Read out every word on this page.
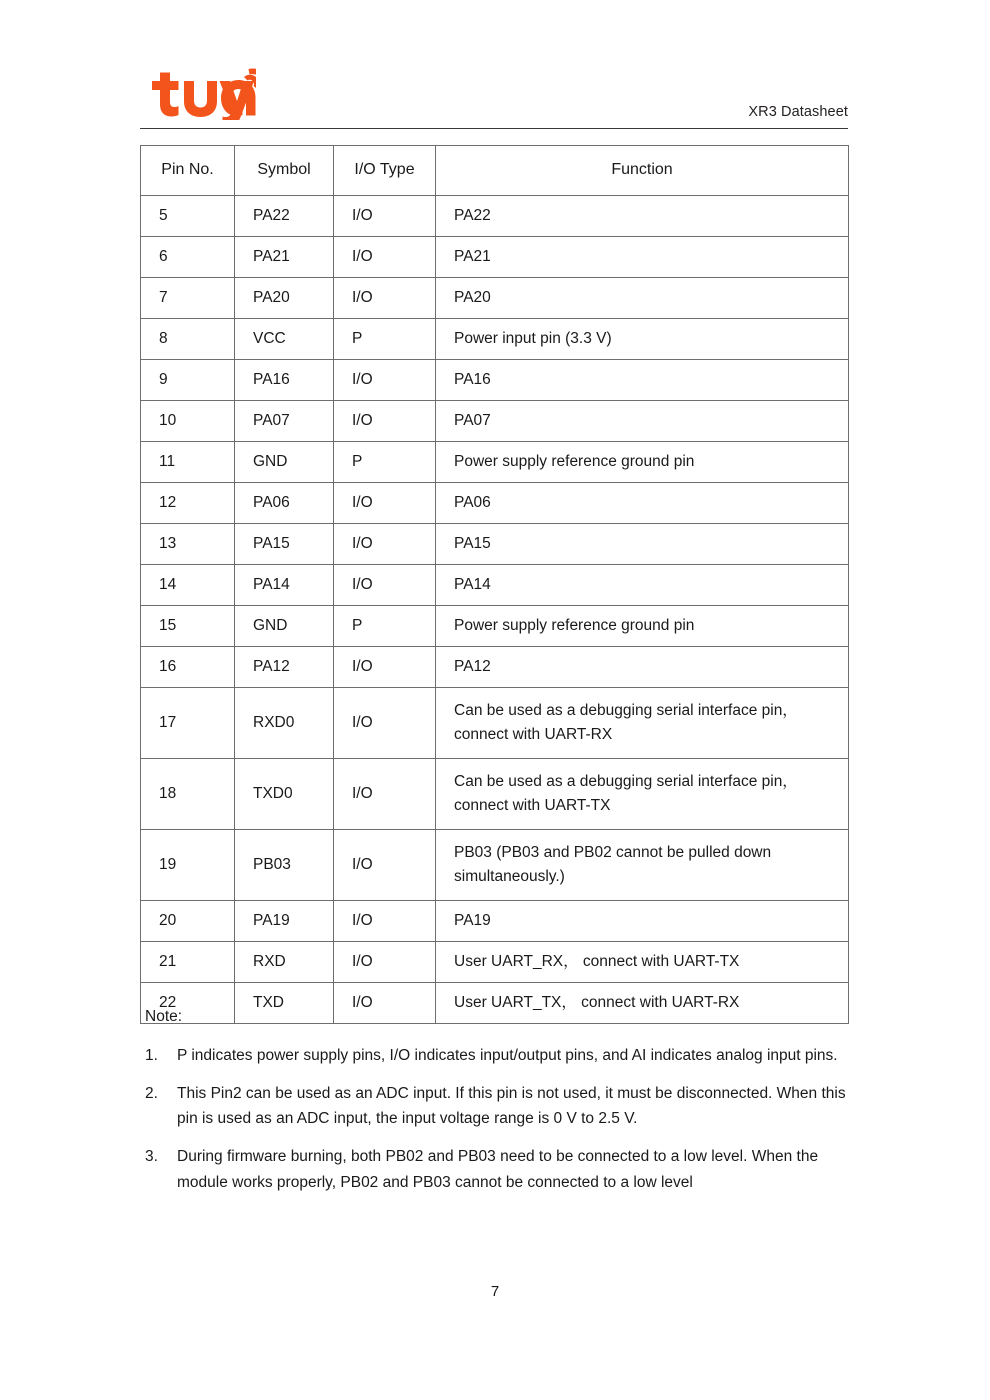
XR3 Datasheet
Pin No.	Symbol	I/O Type	Function
5	PA22	I/O	PA22

6	PA21	I/O	PA21

7	PA20	I/O	PA20

8	VCC	P	Power input pin (3.3 V)

9	PA16	I/O	PA16

10	PA07	I/O	PA07

11	GND	P	Power supply reference ground pin

12	PA06	I/O	PA06

13	PA15	I/O	PA15

14	PA14	I/O	PA14

15	GND	P	Power supply reference ground pin

16	PA12	I/O	PA12

17	RXD0	I/O	Can be used as a debugging serial interface pin，
connect with UART-RX

18	TXD0	I/O	Can be used as a debugging serial interface pin，
connect with UART-TX

19	PB03	I/O	PB03 (PB03 and PB02 cannot be pulled down
simultaneously.)

20	PA19	I/O	PA19

21	RXD	I/O	User UART_RX， connect with UART-TX

22	TXD	I/O	User UART_TX， connect with UART-RX
Note:
1.	P indicates power supply pins, I/O indicates input/output pins, and AI indicates analog input pins.
2.	This Pin2 can be used as an ADC input. If this pin is not used, it must be disconnected. When this pin is used as an ADC input, the input voltage range is 0 V to 2.5 V.
3.	During firmware burning, both PB02 and PB03 need to be connected to a low level. When the module works properly, PB02 and PB03 cannot be connected to a low level
7
